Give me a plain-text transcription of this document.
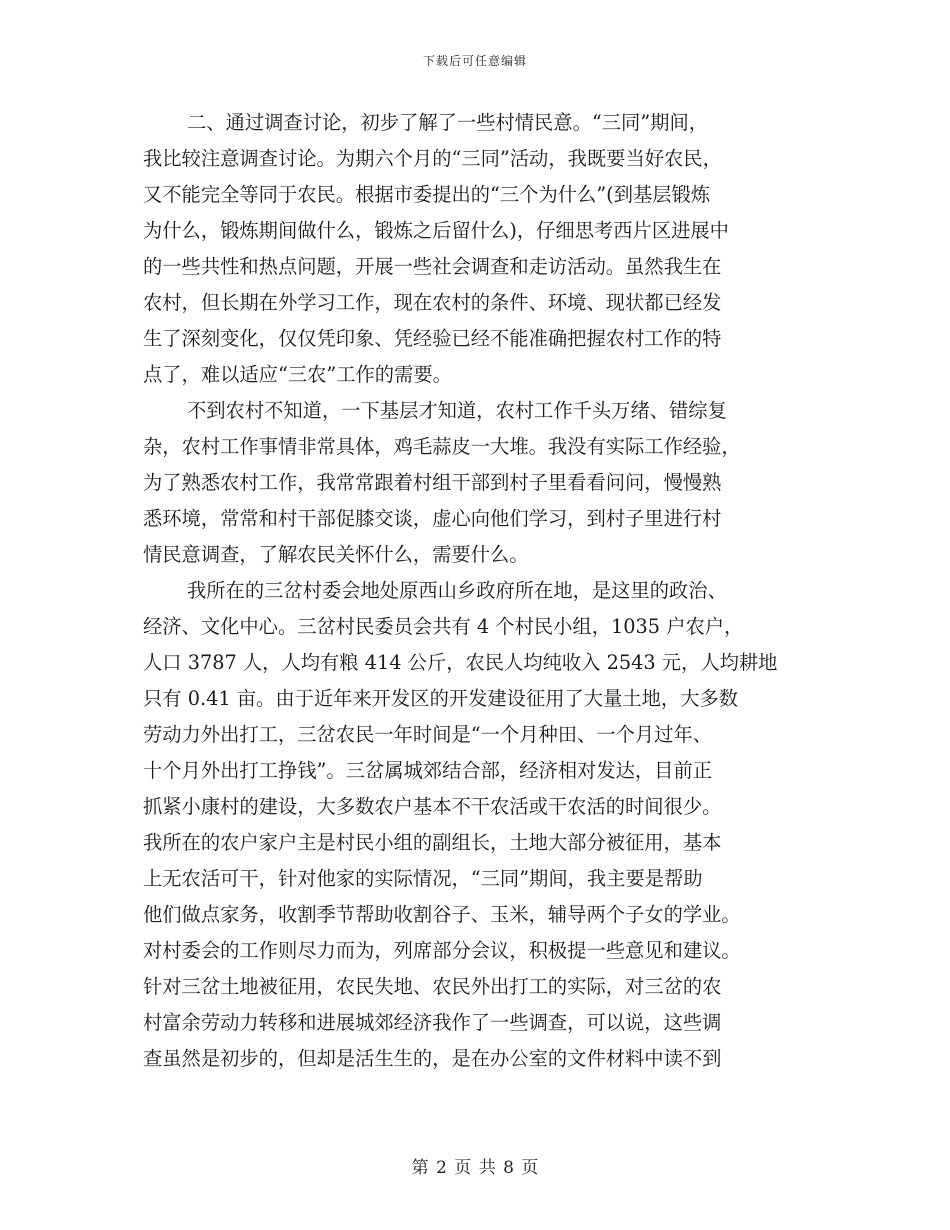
下载后可任意编辑
二、通过调查讨论，初步了解了一些村情民意。“三同”期间，
我比较注意调查讨论。为期六个月的“三同”活动，我既要当好农民，
又不能完全等同于农民。根据市委提出的“三个为什么”(到基层锻炼
为什么，锻炼期间做什么，锻炼之后留什么)，仔细思考西片区进展中
的一些共性和热点问题，开展一些社会调查和走访活动。虽然我生在
农村，但长期在外学习工作，现在农村的条件、环境、现状都已经发
生了深刻变化，仅仅凭印象、凭经验已经不能准确把握农村工作的特
点了，难以适应“三农”工作的需要。
不到农村不知道，一下基层才知道，农村工作千头万绪、错综复
杂，农村工作事情非常具体，鸡毛蒜皮一大堆。我没有实际工作经验，
为了熟悉农村工作，我常常跟着村组干部到村子里看看问问，慢慢熟
悉环境，常常和村干部促膝交谈，虚心向他们学习，到村子里进行村
情民意调查，了解农民关怀什么，需要什么。
我所在的三岔村委会地处原西山乡政府所在地，是这里的政治、
经济、文化中心。三岔村民委员会共有 4 个村民小组，1035 户农户，
人口 3787 人，人均有粮 414 公斤，农民人均纯收入 2543 元，人均耕地
只有 0.41 亩。由于近年来开发区的开发建设征用了大量土地，大多数
劳动力外出打工，三岔农民一年时间是“一个月种田、一个月过年、
十个月外出打工挣钱”。三岔属城郊结合部，经济相对发达，目前正
抓紧小康村的建设，大多数农户基本不干农活或干农活的时间很少。
我所在的农户家户主是村民小组的副组长，土地大部分被征用，基本
上无农活可干，针对他家的实际情况，“三同”期间，我主要是帮助
他们做点家务，收割季节帮助收割谷子、玉米，辅导两个子女的学业。
对村委会的工作则尽力而为，列席部分会议，积极提一些意见和建议。
针对三岔土地被征用，农民失地、农民外出打工的实际，对三岔的农
村富余劳动力转移和进展城郊经济我作了一些调查，可以说，这些调
查虽然是初步的，但却是活生生的，是在办公室的文件材料中读不到
第 2 页 共 8 页
